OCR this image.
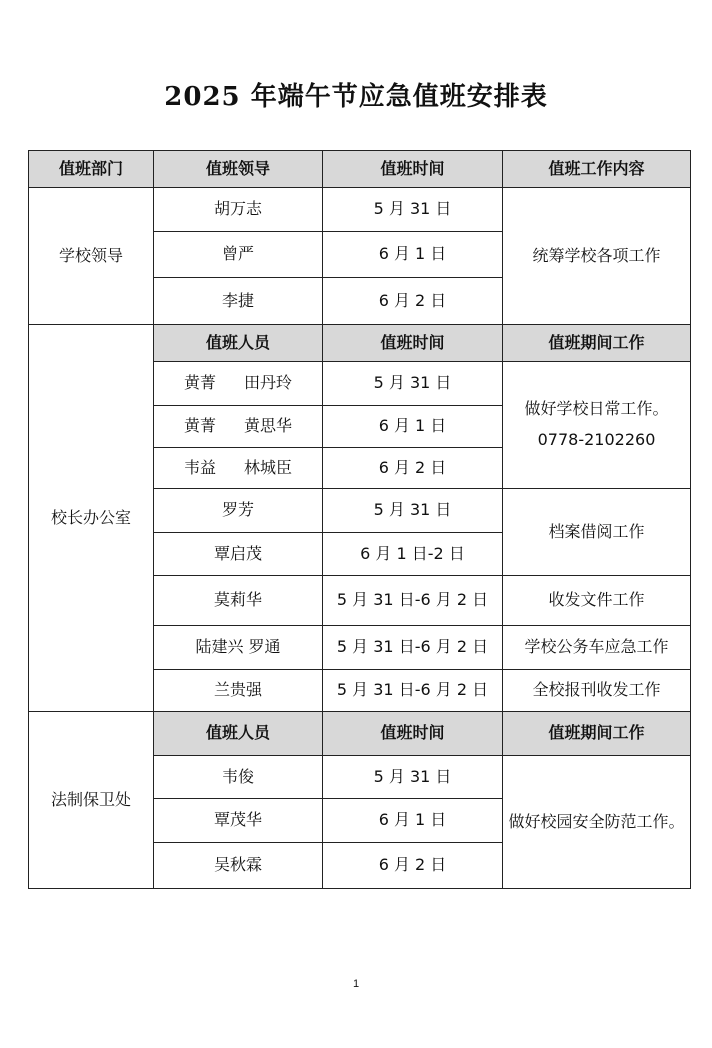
2025 年端午节应急值班安排表
值班部门	值班领导	值班时间	值班工作内容
学校领导	胡万志	5 月 31 日	统筹学校各项工作
	曾严	6 月 1 日	
	李捷	6 月 2 日	
校长办公室	值班人员	值班时间	值班期间工作
	黄菁 田丹玲	5 月 31 日	做好学校日常工作。
0778-2102260

	黄菁 黄思华	6 月 1 日	
	韦益 林城臣	6 月 2 日	
	罗芳	5 月 31 日	档案借阅工作
	覃启茂	6 月 1 日-2 日	
	莫莉华	5 月 31 日-6 月 2 日	收发文件工作
	陆建兴 罗通	5 月 31 日-6 月 2 日	学校公务车应急工作
	兰贵强	5 月 31 日-6 月 2 日	全校报刊收发工作
法制保卫处	值班人员	值班时间	值班期间工作
	韦俊	5 月 31 日	做好校园安全防范工作。
	覃茂华	6 月 1 日	
	吴秋霖	6 月 2 日	
1
